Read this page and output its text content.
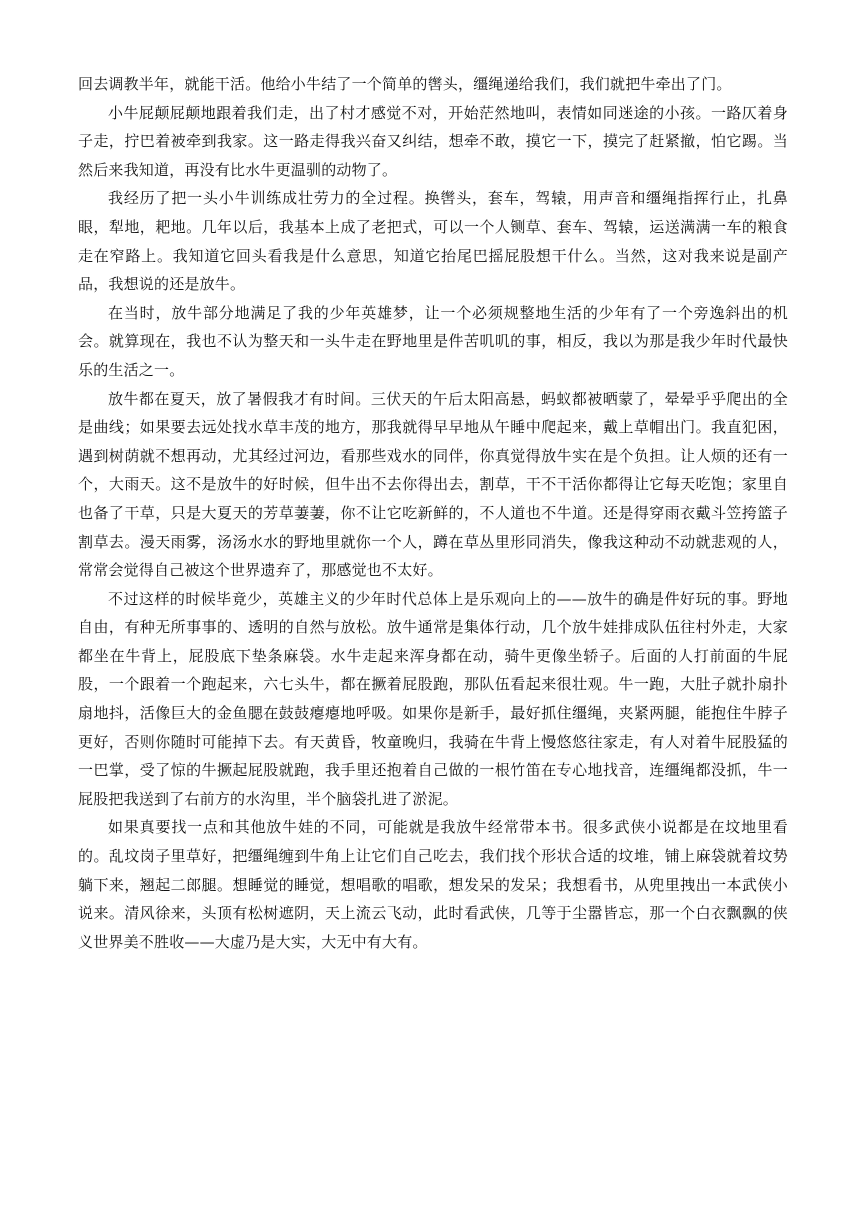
回去调教半年，就能干活。他给小牛结了一个简单的辔头，缰绳递给我们，我们就把牛牵出了门。

小牛屁颠屁颠地跟着我们走，出了村才感觉不对，开始茫然地叫，表情如同迷途的小孩。一路仄着身子走，拧巴着被牵到我家。这一路走得我兴奋又纠结，想牵不敢，摸它一下，摸完了赶紧撤，怕它踢。当然后来我知道，再没有比水牛更温驯的动物了。

我经历了把一头小牛训练成壮劳力的全过程。换辔头，套车，驾辕，用声音和缰绳指挥行止，扎鼻眼，犁地，耙地。几年以后，我基本上成了老把式，可以一个人铡草、套车、驾辕，运送满满一车的粮食走在窄路上。我知道它回头看我是什么意思，知道它抬尾巴摇屁股想干什么。当然，这对我来说是副产品，我想说的还是放牛。

在当时，放牛部分地满足了我的少年英雄梦，让一个必须规整地生活的少年有了一个旁逸斜出的机会。就算现在，我也不认为整天和一头牛走在野地里是件苦叽叽的事，相反，我以为那是我少年时代最快乐的生活之一。

放牛都在夏天，放了暑假我才有时间。三伏天的午后太阳高悬，蚂蚁都被晒蒙了，晕晕乎乎爬出的全是曲线；如果要去远处找水草丰茂的地方，那我就得早早地从午睡中爬起来，戴上草帽出门。我直犯困，遇到树荫就不想再动，尤其经过河边，看那些戏水的同伴，你真觉得放牛实在是个负担。让人烦的还有一个，大雨天。这不是放牛的好时候，但牛出不去你得出去，割草，干不干活你都得让它每天吃饱；家里自也备了干草，只是大夏天的芳草萋萋，你不让它吃新鲜的，不人道也不牛道。还是得穿雨衣戴斗笠挎篮子割草去。漫天雨雾，汤汤水水的野地里就你一个人，蹲在草丛里形同消失，像我这种动不动就悲观的人，常常会觉得自己被这个世界遗弃了，那感觉也不太好。

不过这样的时候毕竟少，英雄主义的少年时代总体上是乐观向上的——放牛的确是件好玩的事。野地自由，有种无所事事的、透明的自然与放松。放牛通常是集体行动，几个放牛娃排成队伍往村外走，大家都坐在牛背上，屁股底下垫条麻袋。水牛走起来浑身都在动，骑牛更像坐轿子。后面的人打前面的牛屁股，一个跟着一个跑起来，六七头牛，都在撅着屁股跑，那队伍看起来很壮观。牛一跑，大肚子就扑扇扑扇地抖，活像巨大的金鱼腮在鼓鼓瘪瘪地呼吸。如果你是新手，最好抓住缰绳，夹紧两腿，能抱住牛脖子更好，否则你随时可能掉下去。有天黄昏，牧童晚归，我骑在牛背上慢悠悠往家走，有人对着牛屁股猛的一巴掌，受了惊的牛撅起屁股就跑，我手里还抱着自己做的一根竹笛在专心地找音，连缰绳都没抓，牛一屁股把我送到了右前方的水沟里，半个脑袋扎进了淤泥。

如果真要找一点和其他放牛娃的不同，可能就是我放牛经常带本书。很多武侠小说都是在坟地里看的。乱坟岗子里草好，把缰绳缠到牛角上让它们自己吃去，我们找个形状合适的坟堆，铺上麻袋就着坟势躺下来，翘起二郎腿。想睡觉的睡觉，想唱歌的唱歌，想发呆的发呆；我想看书，从兜里拽出一本武侠小说来。清风徐来，头顶有松树遮阴，天上流云飞动，此时看武侠，几等于尘嚣皆忘，那一个白衣飘飘的侠义世界美不胜收——大虚乃是大实，大无中有大有。
